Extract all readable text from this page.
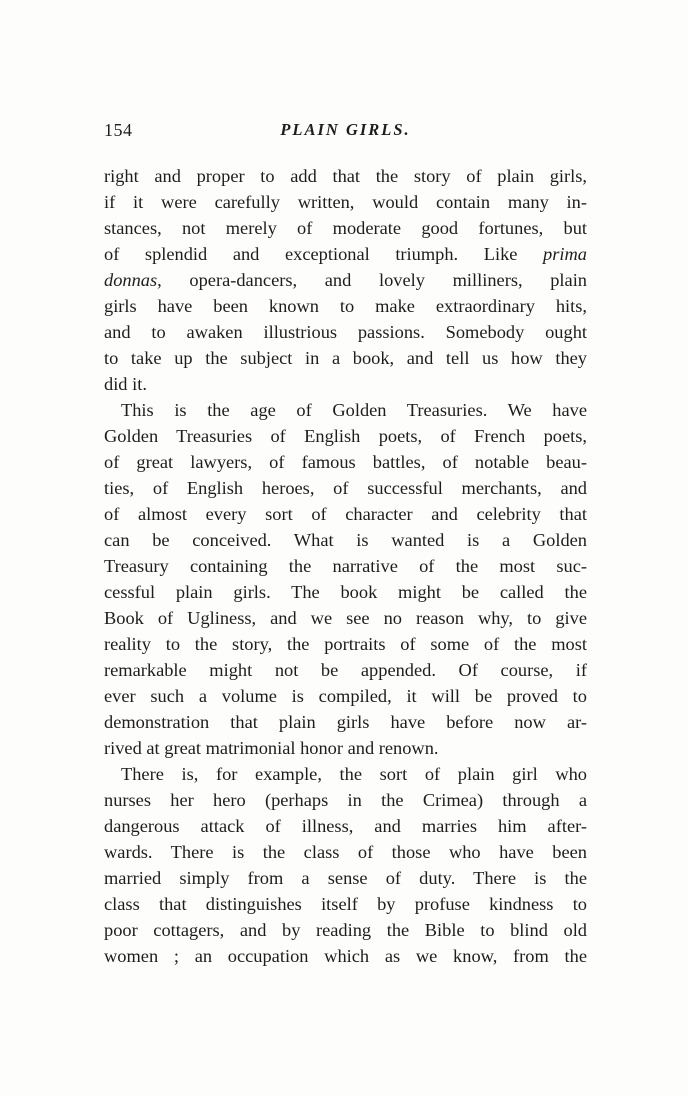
154	PLAIN GIRLS.
right and proper to add that the story of plain girls,
if it were carefully written, would contain many in-
stances, not merely of moderate good fortunes, but
of splendid and exceptional triumph. Like prima
donnas, opera-dancers, and lovely milliners, plain
girls have been known to make extraordinary hits,
and to awaken illustrious passions. Somebody ought
to take up the subject in a book, and tell us how they
did it.
This is the age of Golden Treasuries. We have
Golden Treasuries of English poets, of French poets,
of great lawyers, of famous battles, of notable beau-
ties, of English heroes, of successful merchants, and
of almost every sort of character and celebrity that
can be conceived. What is wanted is a Golden
Treasury containing the narrative of the most suc-
cessful plain girls. The book might be called the
Book of Ugliness, and we see no reason why, to give
reality to the story, the portraits of some of the most
remarkable might not be appended. Of course, if
ever such a volume is compiled, it will be proved to
demonstration that plain girls have before now ar-
rived at great matrimonial honor and renown.
There is, for example, the sort of plain girl who
nurses her hero (perhaps in the Crimea) through a
dangerous attack of illness, and marries him after-
wards. There is the class of those who have been
married simply from a sense of duty. There is the
class that distinguishes itself by profuse kindness to
poor cottagers, and by reading the Bible to blind old
women ; an occupation which as we know, from the
